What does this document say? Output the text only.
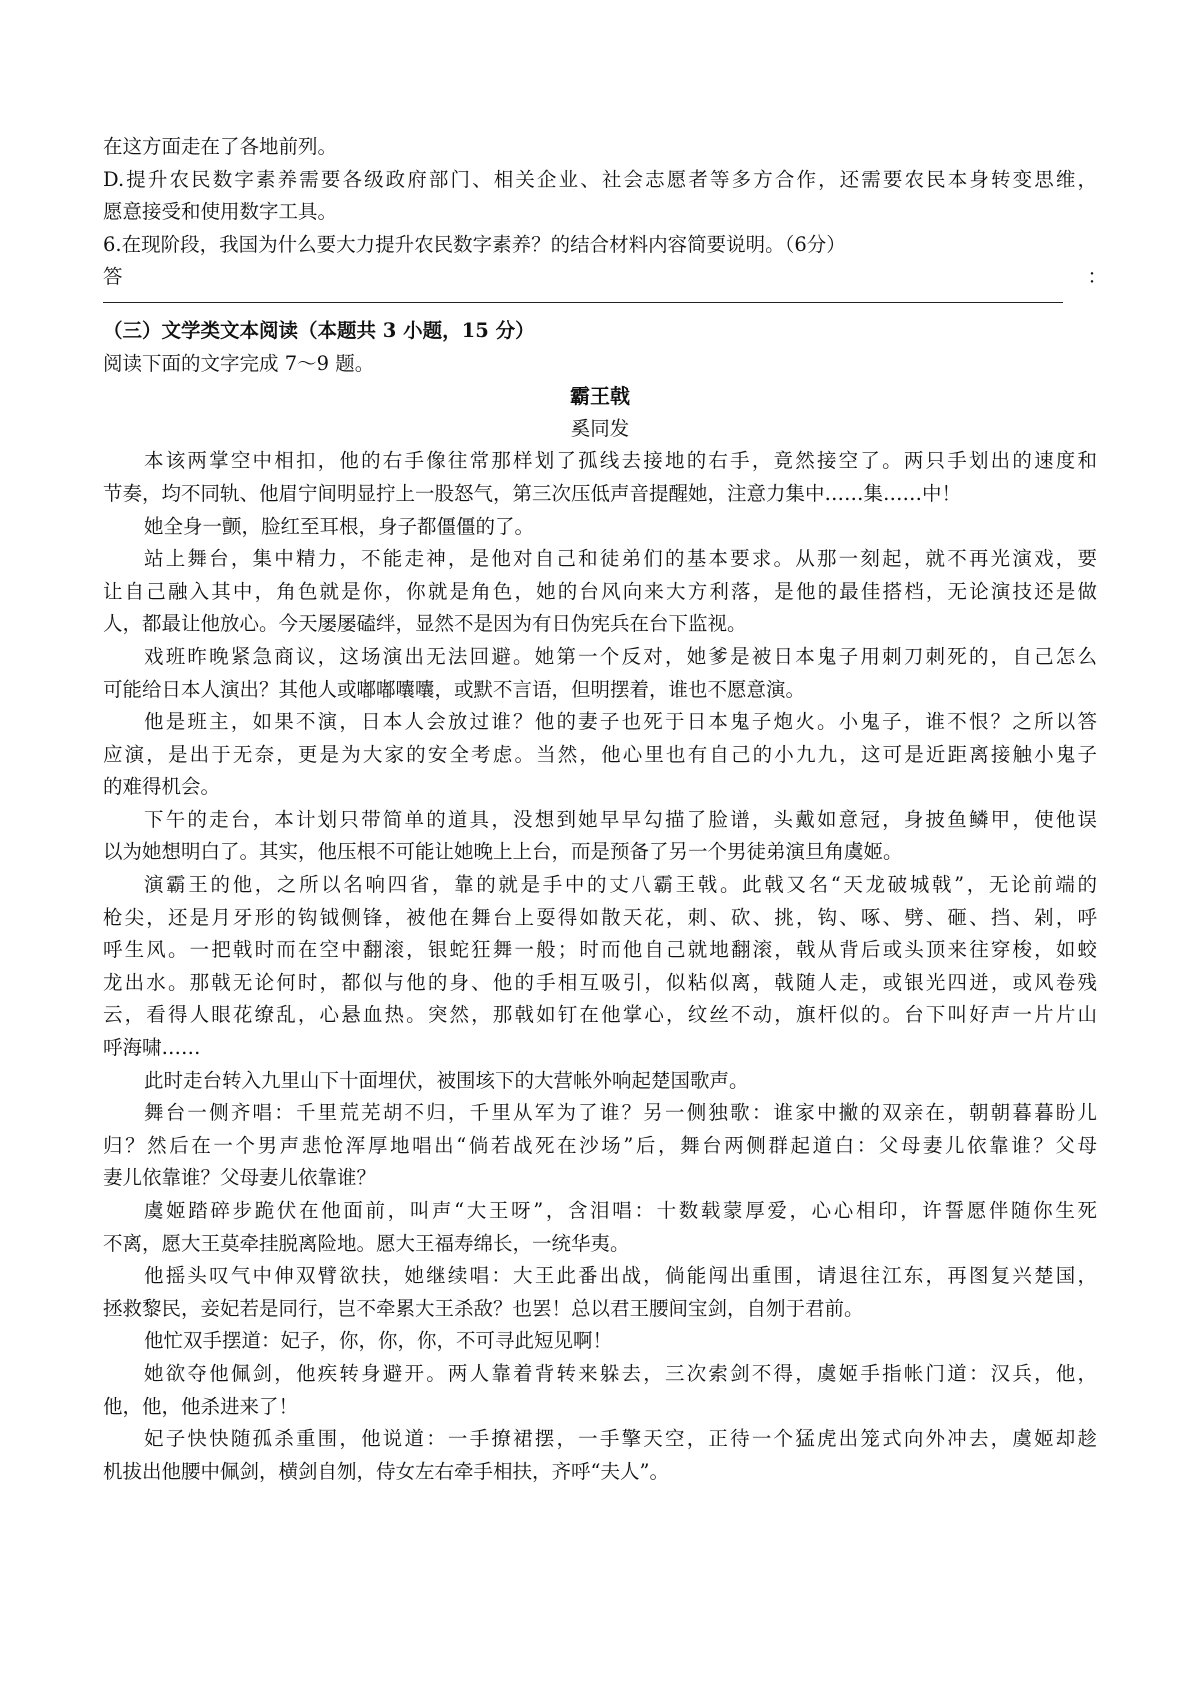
在这方面走在了各地前列。
D.提升农民数字素养需要各级政府部门、相关企业、社会志愿者等多方合作，还需要农民本身转变思维，
愿意接受和使用数字工具。
6.在现阶段，我国为什么要大力提升农民数字素养？的结合材料内容简要说明。（6分）
答	：
（三）文学类文本阅读（本题共 3 小题，15 分）
阅读下面的文字完成 7～9 题。
霸王戟
奚同发
本该两掌空中相扣，他的右手像往常那样划了孤线去接地的右手，竟然接空了。两只手划出的速度和
节奏，均不同轨、他眉宁间明显拧上一股怒气，第三次压低声音提醒她，注意力集中……集……中！
她全身一颤，脸红至耳根，身子都僵僵的了。
站上舞台，集中精力，不能走神，是他对自己和徒弟们的基本要求。从那一刻起，就不再光演戏，要
让自己融入其中，角色就是你，你就是角色，她的台风向来大方利落，是他的最佳搭档，无论演技还是做
人，都最让他放心。今天屡屡磕绊，显然不是因为有日伪宪兵在台下监视。
戏班昨晚紧急商议，这场演出无法回避。她第一个反对，她爹是被日本鬼子用刺刀刺死的，自己怎么
可能给日本人演出？其他人或嘟嘟囔囔，或默不言语，但明摆着，谁也不愿意演。
他是班主，如果不演，日本人会放过谁？他的妻子也死于日本鬼子炮火。小鬼子，谁不恨？之所以答
应演，是出于无奈，更是为大家的安全考虑。当然，他心里也有自己的小九九，这可是近距离接触小鬼子
的难得机会。
下午的走台，本计划只带简单的道具，没想到她早早勾描了脸谱，头戴如意冠，身披鱼鳞甲，使他误
以为她想明白了。其实，他压根不可能让她晚上上台，而是预备了另一个男徒弟演旦角虞姬。
演霸王的他，之所以名响四省，靠的就是手中的丈八霸王戟。此戟又名“天龙破城戟”，无论前端的
枪尖，还是月牙形的钩钺侧锋，被他在舞台上耍得如散天花，刺、砍、挑，钩、啄、劈、砸、挡、剁，呼
呼生风。一把戟时而在空中翻滚，银蛇狂舞一般；时而他自己就地翻滚，戟从背后或头顶来往穿梭，如蛟
龙出水。那戟无论何时，都似与他的身、他的手相互吸引，似粘似离，戟随人走，或银光四迸，或风卷残
云，看得人眼花缭乱，心悬血热。突然，那戟如钉在他掌心，纹丝不动，旗杆似的。台下叫好声一片片山
呼海啸……
此时走台转入九里山下十面埋伏，被围垓下的大营帐外响起楚国歌声。
舞台一侧齐唱：千里荒芜胡不归，千里从军为了谁？另一侧独歌：谁家中撇的双亲在，朝朝暮暮盼儿
归？然后在一个男声悲怆浑厚地唱出“倘若战死在沙场”后，舞台两侧群起道白：父母妻儿依靠谁？父母
妻儿依靠谁？父母妻儿依靠谁？
虞姬踏碎步跪伏在他面前，叫声“大王呀”，含泪唱：十数载蒙厚爱，心心相印，许誓愿伴随你生死
不离，愿大王莫牵挂脱离险地。愿大王福寿绵长，一统华夷。
他摇头叹气中伸双臂欲扶，她继续唱：大王此番出战，倘能闯出重围，请退往江东，再图复兴楚国，
拯救黎民，妾妃若是同行，岂不牵累大王杀敌？也罢！总以君王腰间宝剑，自刎于君前。
他忙双手摆道：妃子，你，你，你，不可寻此短见啊！
她欲夺他佩剑，他疾转身避开。两人靠着背转来躲去，三次索剑不得，虞姬手指帐门道：汉兵，他，
他，他，他杀进来了！
妃子快快随孤杀重围，他说道：一手撩裙摆，一手擎天空，正待一个猛虎出笼式向外冲去，虞姬却趁
机拔出他腰中佩剑，横剑自刎，侍女左右牵手相扶，齐呼“夫人”。
